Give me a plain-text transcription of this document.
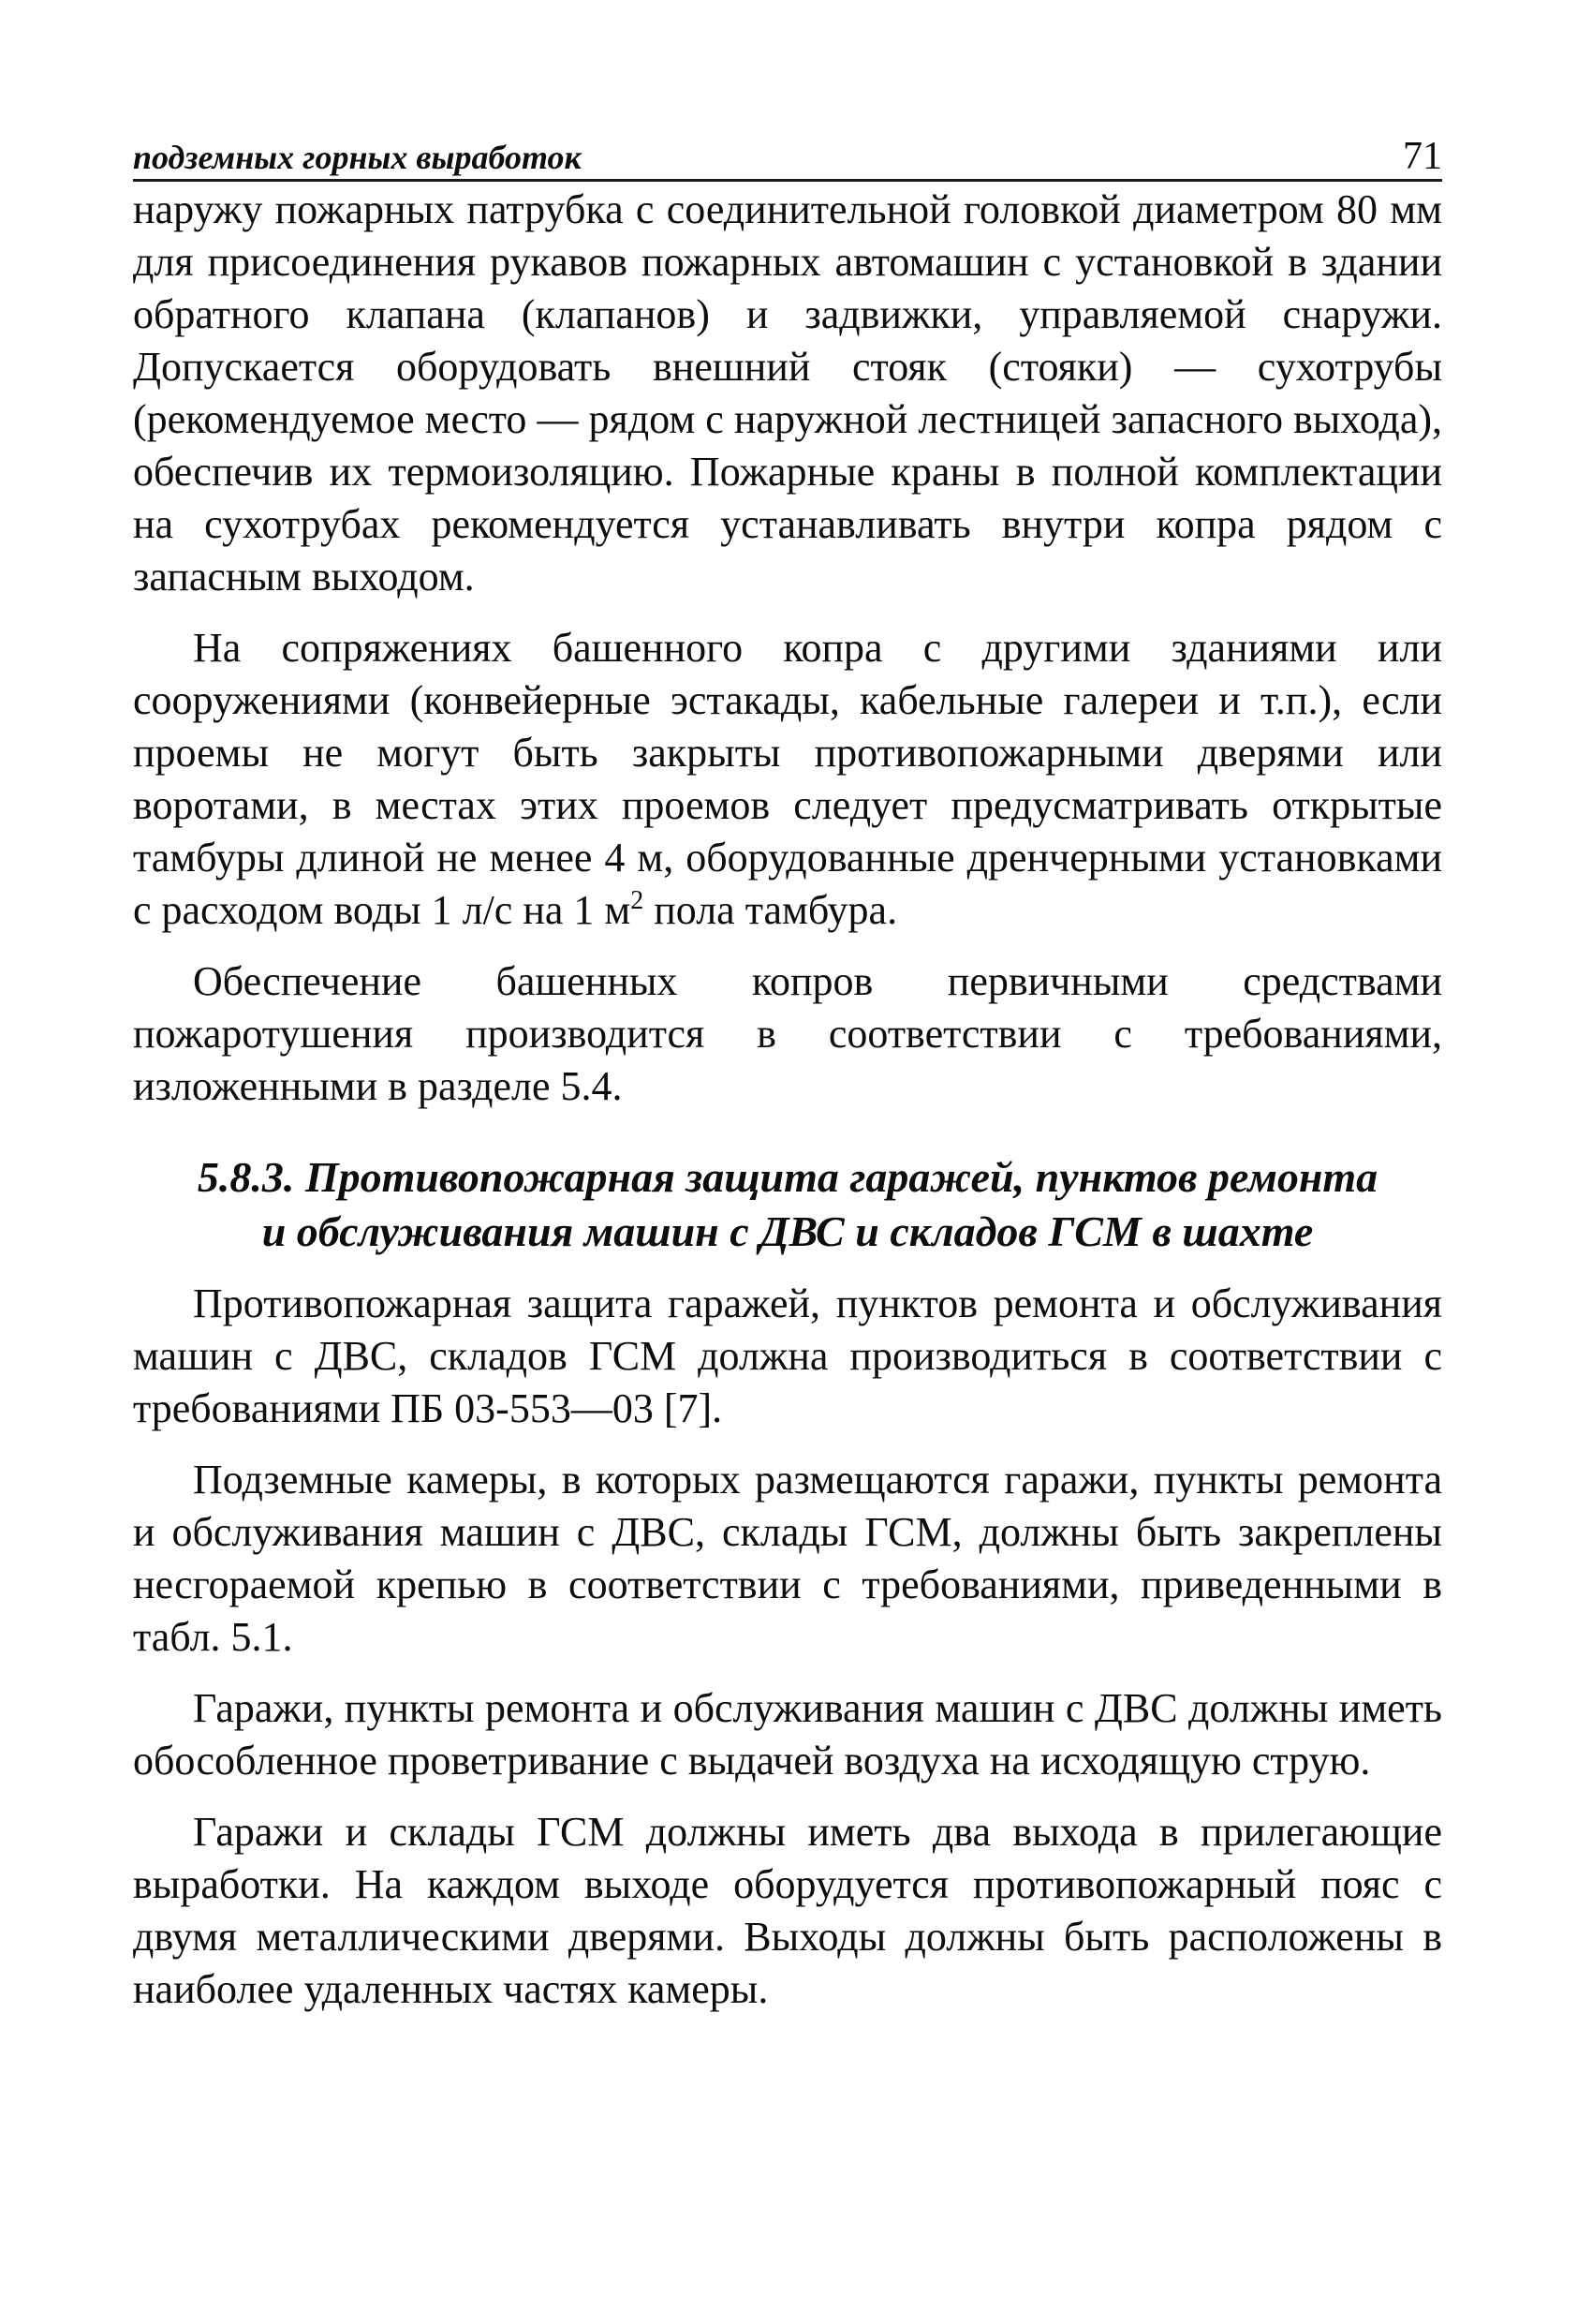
подземных горных выработок	71

наружу пожарных патрубка с соединительной головкой диаметром 80 мм для присоединения рукавов пожарных автомашин с установкой в здании обратного клапана (клапанов) и задвижки, управляемой снаружи. Допускается оборудовать внешний стояк (стояки) — сухотрубы (рекомендуемое место — рядом с наружной лестницей запасного выхода), обеспечив их термоизоляцию. Пожарные краны в полной комплектации на сухотрубах рекомендуется устанавливать внутри копра рядом с запасным выходом.

На сопряжениях башенного копра с другими зданиями или сооружениями (конвейерные эстакады, кабельные галереи и т.п.), если проемы не могут быть закрыты противопожарными дверями или воротами, в местах этих проемов следует предусматривать открытые тамбуры длиной не менее 4 м, оборудованные дренчерными установками с расходом воды 1 л/с на 1 $м^2$ пола тамбура.

Обеспечение башенных копров первичными средствами пожаротушения производится в соответствии с требованиями, изложенными в разделе 5.4.

5.8.3. Противопожарная защита гаражей, пунктов ремонта
и обслуживания машин с ДВС и складов ГСМ в шахте

Противопожарная защита гаражей, пунктов ремонта и обслуживания машин с ДВС, складов ГСМ должна производиться в соответствии с требованиями ПБ 03-553—03 [7].

Подземные камеры, в которых размещаются гаражи, пункты ремонта и обслуживания машин с ДВС, склады ГСМ, должны быть закреплены несгораемой крепью в соответствии с требованиями, приведенными в табл. 5.1.

Гаражи, пункты ремонта и обслуживания машин с ДВС должны иметь обособленное проветривание с выдачей воздуха на исходящую струю.

Гаражи и склады ГСМ должны иметь два выхода в прилегающие выработки. На каждом выходе оборудуется противопожарный пояс с двумя металлическими дверями. Выходы должны быть расположены в наиболее удаленных частях камеры.
